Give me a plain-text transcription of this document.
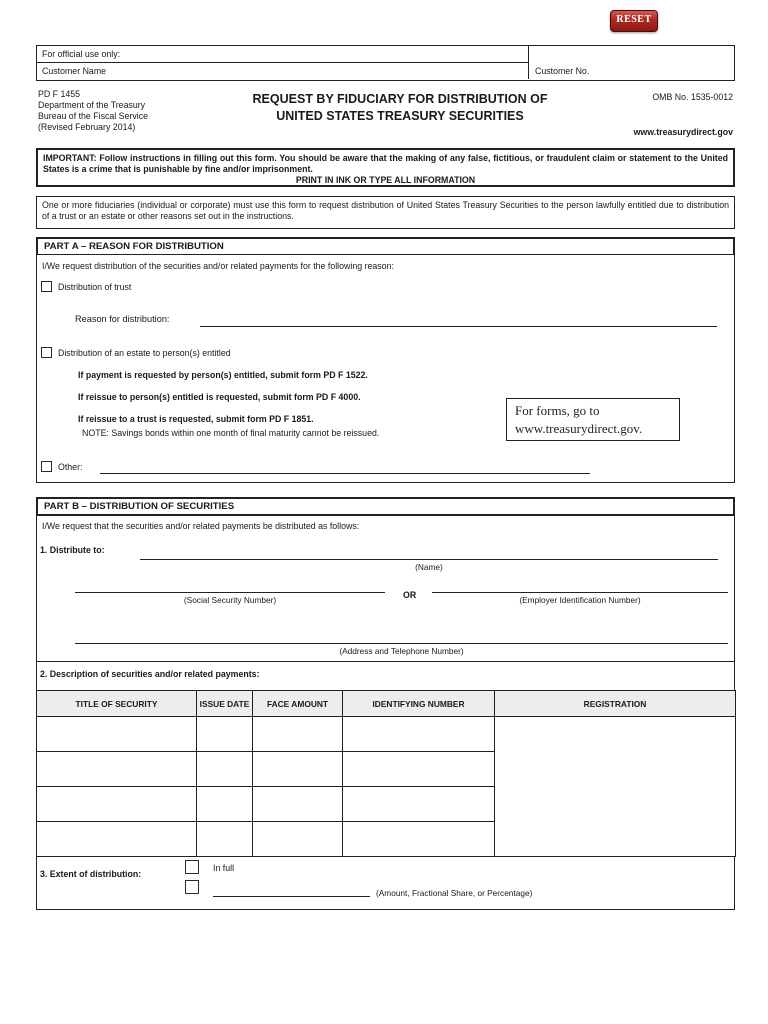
RESET
For official use only:
Customer Name	Customer No.
PD F 1455
Department of the Treasury
Bureau of the Fiscal Service
(Revised February 2014)
REQUEST BY FIDUCIARY FOR DISTRIBUTION OF
UNITED STATES TREASURY SECURITIES
OMB No. 1535-0012
www.treasurydirect.gov
IMPORTANT: Follow instructions in filling out this form. You should be aware that the making of any false, fictitious, or fraudulent claim or statement to the United States is a crime that is punishable by fine and/or imprisonment.
PRINT IN INK OR TYPE ALL INFORMATION
One or more fiduciaries (individual or corporate) must use this form to request distribution of United States Treasury Securities to the person lawfully entitled due to distribution of a trust or an estate or other reasons set out in the instructions.
PART A – REASON FOR DISTRIBUTION
I/We request distribution of the securities and/or related payments for the following reason:
Distribution of trust
Reason for distribution:
Distribution of an estate to person(s) entitled
If payment is requested by person(s) entitled, submit form PD F 1522.
If reissue to person(s) entitled is requested, submit form PD F 4000.
If reissue to a trust is requested, submit form PD F 1851.
NOTE: Savings bonds within one month of final maturity cannot be reissued.
For forms, go to
www.treasurydirect.gov.
Other:
PART B – DISTRIBUTION OF SECURITIES
I/We request that the securities and/or related payments be distributed as follows:
1. Distribute to:
(Name)
(Social Security Number)	OR	(Employer Identification Number)
(Address and Telephone Number)
2. Description of securities and/or related payments:
TITLE OF SECURITY	ISSUE DATE	FACE AMOUNT	IDENTIFYING NUMBER	REGISTRATION

3. Extent of distribution:
In full
(Amount, Fractional Share, or Percentage)
